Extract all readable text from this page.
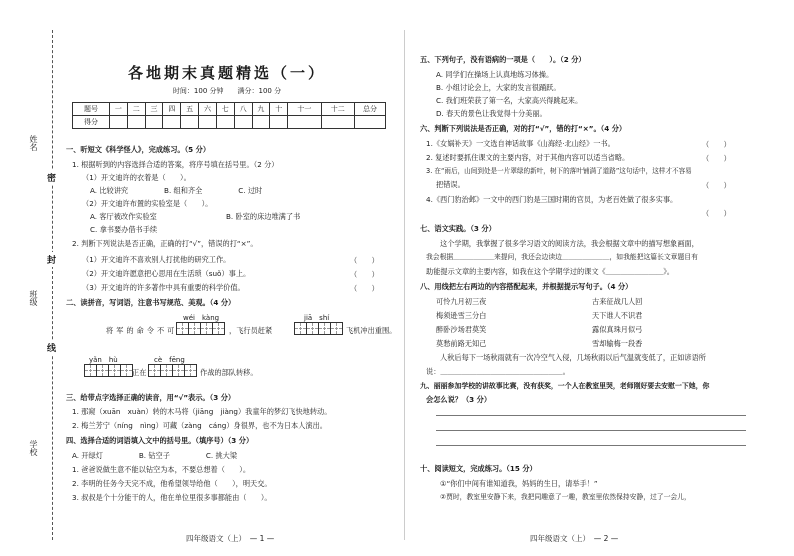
姓名
班级
学校
密
封
线
各地期末真题精选（一）
时间：100 分钟　　满分：100 分
题号	一	二	三	四	五	六	七	八	九	十	十一	十二	总分
得分													
一、听短文《科学怪人》，完成练习。（5 分）
1. 根据听到的内容选择合适的答案，将序号填在括号里。（2 分）
（1）开文迪许的衣着是（　　）。
A. 比较讲究　　　　　B. 组和齐全　　　　　C. 过时
（2）开文迪许布置的实验室是（　　）。
A. 客厅被改作实验室	B. 卧室的床边堆满了书
C. 拿书要办借书手续
2. 判断下列说法是否正确，正确的打“√”，错误的打“×”。
（1）开文迪许不喜欢别人打扰他的研究工作。	（　　）
（2）开文迪许愿意把心思用在生活琐（suǒ）事上。	（　　）
（3）开文迪许的许多著作中具有重要的科学价值。	（　　）
二、读拼音，写词语，注意书写规范、美观。（4 分）
wéi　kàng	jiā　shí
将军的命令不可	，飞行员赶紧	飞机冲出重围。
yǎn　hù	cè　fēng
正在	作战的部队转移。
三、给带点字选择正确的读音，用“√”表示。（3 分）
1. 那窥（xuān　xuàn）转的木马将（jiāng　jiàng）我童年的梦幻飞快地转动。
2. 梅兰芳宁（níng　nìng）可藏（zàng　cáng）身很界，也不为日本人演出。
四、选择合适的词语填入文中的括号里。（填序号）（3 分）
A. 开绿灯　　　　　B. 钻空子　　　　　C. 挑大梁
1. 爸爸说做生意不能以钻空为本，不要总想着（　　）。
2. 李明的任务今天完不成，他希望领导给他（　　），明天交。
3. 叔叔是个十分能干的人，他在单位里很多事都能由（　　）。
四年级语文（上）　— 1 —
五、下列句子，没有语病的一项是（　　）。（2 分）
A. 同学们在操场上认真地练习体操。
B. 小组讨论会上，大家的发言很踊跃。
C. 我们班荣获了第一名，大家高兴得跳起来。
D. 春天的景色让我觉得十分美丽。
六、判断下列说法是否正确，对的打“√”，错的打“×”。（4 分）
1.《女娲补天》一文选自神话故事《山海经·北山经》一书。	（　　）
2. 复述时要抓住课文的主要内容，对于其他内容可以适当省略。	（　　）
3. 在“雨后，山间到处是一片翠绿的新叶，树下的落叶铺满了道路”这句话中，这样才不容易
把错误。	（　　）
4.《西门豹治邺》一文中的西门豹是三国时期的官员，为老百姓做了很多实事。
（　　）
七、语文实践。（3 分）
这个学期，我掌握了很多学习语文的阅读方法，我会根据文章中的描写想象画面，
我会根据＿＿＿＿＿＿来提问，我还会边读边＿＿＿＿＿＿＿，如我能把这篇长文章题目有
助能提示文章的主要内容，如我在这个学期学过的课文《＿＿＿＿＿＿＿＿》。
八、用线把左右两边的内容搭配起来，并根据提示写句子。（4 分）
可怜九月初三夜
梅须逊雪三分白
醉卧沙场君莫笑
莫愁前路无知己
古来征战几人回
天下谁人不识君
露似真珠月似弓
雪却输梅一段香
人秋后每下一场秋雨就有一次冷空气入侵，几场秋雨以后气温就变低了，正如谚语所
说：＿＿＿＿＿＿＿＿＿＿＿＿＿＿＿＿＿。
九、丽丽参加学校的讲故事比赛，没有获奖，一个人在教室里哭，老师刚好要去安慰一下她，你
会怎么说？（3 分）
十、阅读短文，完成练习。（15 分）
①“你们中间有谁知道我，妈妈的生日，请举手！”
②贾时，教室里安静下来，我把同趣意了一趣，教室里依然保持安静，过了一会儿，
四年级语文（上）　— 2 —
